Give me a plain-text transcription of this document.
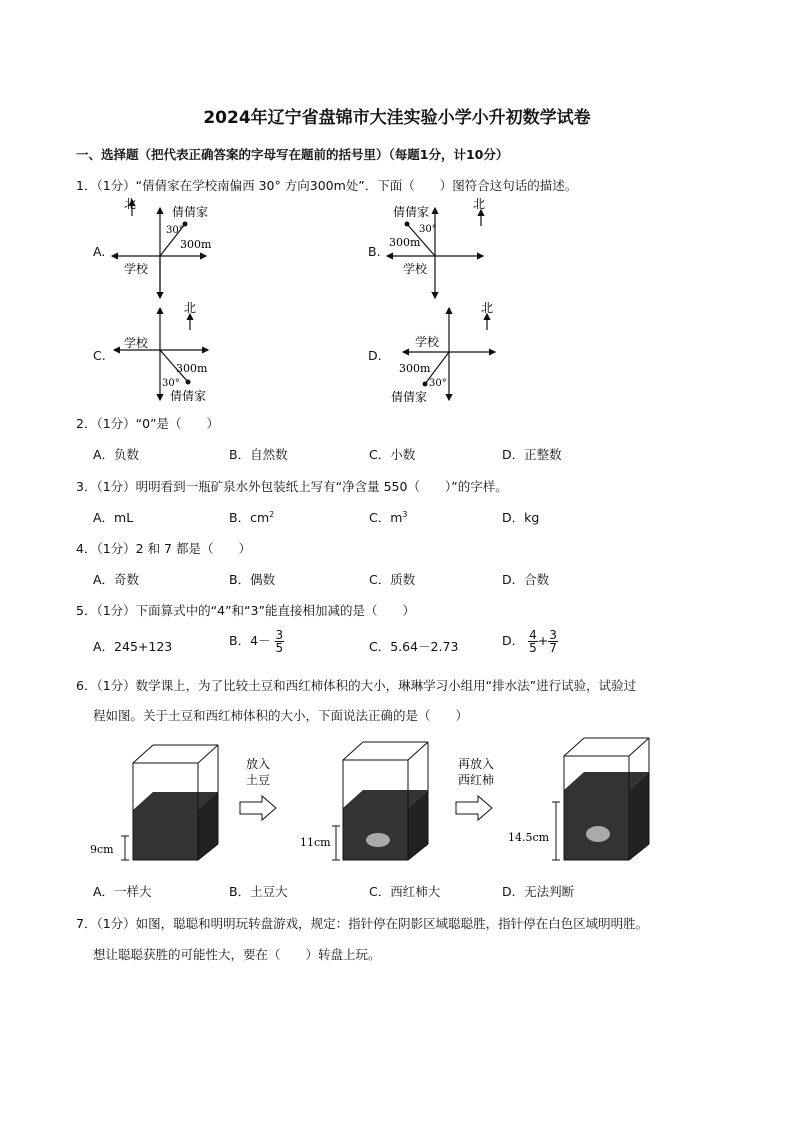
2024年辽宁省盘锦市大洼实验小学小升初数学试卷
一、选择题（把代表正确答案的字母写在题前的括号里）（每题1分，计10分）
1．（1分）“倩倩家在学校南偏西 30° 方向300m处”．下面（　　）图符合这句话的描述。
A.
北
倩倩家
30°
300m
学校
B.
北
倩倩家
30°
300m
学校
C.
北
学校
300m
30°
倩倩家
D.
北
学校
300m
30°
倩倩家
2．（1分）“0”是（　　）
A．负数	B．自然数	C．小数	D．正整数
3．（1分）明明看到一瓶矿泉水外包装纸上写有“净含量 550（　　）”的字样。
A．mL	B．$cm^2$	C．$m^3$	D．kg
4．（1分）2 和 7 都是（　　）
A．奇数	B．偶数	C．质数	D．合数
5．（1分）下面算式中的“4”和“3”能直接相加减的是（　　）
A．245+123	B．$4- \frac{3}{5}$	C．5.64－2.73	D． $\frac{4}{5} + \frac{3}{7}$
6．（1分）数学课上，为了比较土豆和西红柿体积的大小，琳琳学习小组用“排水法”进行试验，试验过
程如图。关于土豆和西红柿体积的大小，下面说法正确的是（　　）
9cm
放入
土豆
11cm
再放入
西红柿
14.5cm
A．一样大	B．土豆大	C．西红柿大	D．无法判断
7．（1分）如图，聪聪和明明玩转盘游戏，规定：指针停在阴影区域聪聪胜，指针停在白色区域明明胜。
想让聪聪获胜的可能性大，要在（　　）转盘上玩。
